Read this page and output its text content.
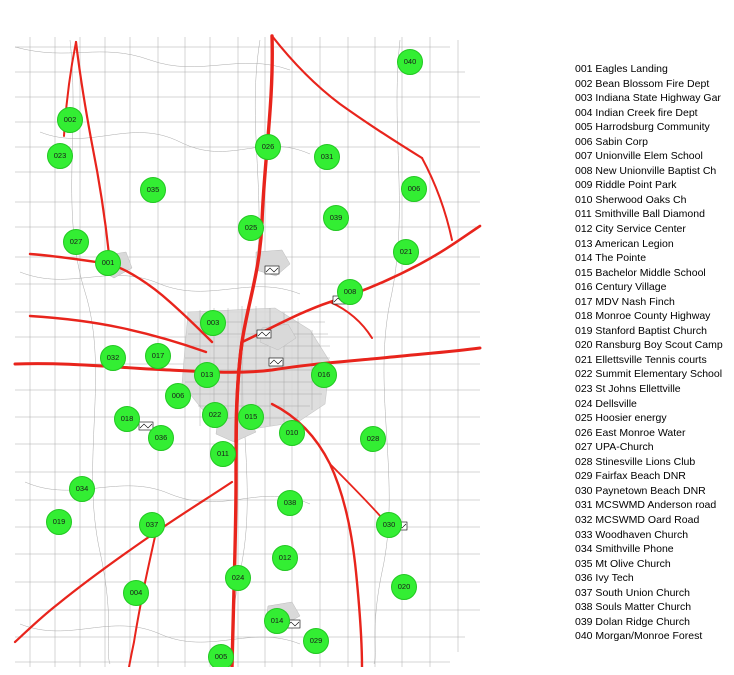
040
002
026
031
023
035	006
039
025
027
021
001
008
003
032	017
016
013
006
018	022	015
010
036	028
011
034
038
019	037	030
012
024
004
020
014
029
005
001 Eagles Landing
002 Bean Blossom Fire Dept
003 Indiana State Highway Gar
004 Indian Creek fire Dept
005 Harrodsburg Community
006 Sabin Corp
007 Unionville Elem School
008 New Unionville Baptist Ch
009 Riddle Point Park
010 Sherwood Oaks Ch
011 Smithville Ball Diamond
012 City Service Center
013 American Legion
014 The Pointe
015 Bachelor Middle School
016 Century Village
017 MDV Nash Finch
018 Monroe County Highway
019 Stanford Baptist Church
020 Ransburg Boy Scout Camp
021 Ellettsville Tennis courts
022 Summit Elementary School
023 St Johns Ellettville
024 Dellsville
025 Hoosier energy
026 East Monroe Water
027 UPA-Church
028 Stinesville Lions Club
029 Fairfax Beach DNR
030 Paynetown Beach DNR
031 MCSWMD Anderson road
032 MCSWMD Oard Road
033 Woodhaven Church
034 Smithville Phone
035 Mt Olive Church
036 Ivy Tech
037 South Union Church
038 Souls Matter Church
039 Dolan Ridge Church
040 Morgan/Monroe Forest
